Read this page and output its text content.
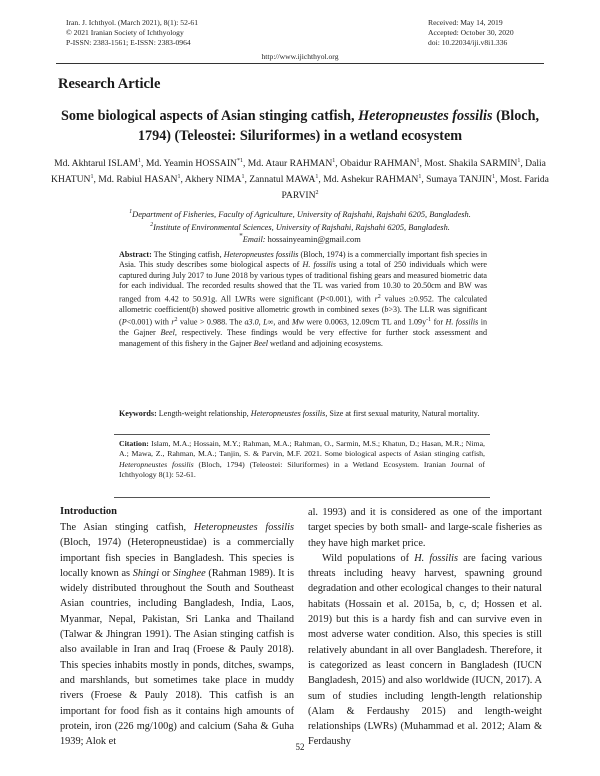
Iran. J. Ichthyol. (March 2021), 8(1): 52-61
© 2021 Iranian Society of Ichthyology
P-ISSN: 2383-1561; E-ISSN: 2383-0964
Received: May 14, 2019
Accepted: October 30, 2020
doi: 10.22034/iji.v8i1.336
http://www.ijichthyol.org
Research Article
Some biological aspects of Asian stinging catfish, Heteropneustes fossilis (Bloch, 1794) (Teleostei: Siluriformes) in a wetland ecosystem
Md. Akhtarul ISLAM$^1$, Md. Yeamin HOSSAIN$^{*1}$, Md. Ataur RAHMAN$^1$, Obaidur RAHMAN$^1$, Most. Shakila SARMIN$^1$, Dalia KHATUN$^1$, Md. Rabiul HASAN$^1$, Akhery NIMA$^1$, Zannatul MAWA$^1$, Md. Ashekur RAHMAN$^1$, Sumaya TANJIN$^1$, Most. Farida PARVIN$^2$
$^1$Department of Fisheries, Faculty of Agriculture, University of Rajshahi, Rajshahi 6205, Bangladesh.
$^2$Institute of Environmental Sciences, University of Rajshahi, Rajshahi 6205, Bangladesh.
*Email: hossainyeamin@gmail.com
Abstract: The Stinging catfish, Heteropneustes fossilis (Bloch, 1974) is a commercially important fish species in Asia. This study describes some biological aspects of H. fossilis using a total of 250 individuals which were captured during July 2017 to June 2018 by various types of traditional fishing gears and measured biometric data for each individual. The recorded results showed that the TL was varied from 10.30 to 20.50cm and BW was ranged from 4.42 to 50.91g. All LWRs were significant (P<0.001), with $r^2$ values ≥0.952. The calculated allometric coefficient(b) showed positive allometric growth in combined sexes (b>3). The LLR was significant (P<0.001) with $r^2$ value > 0.988. The a3.0, L∞, and Mw were 0.0063, 12.09cm TL and $1.09y^{-1}$ for H. fossilis in the Gajner Beel, respectively. These findings would be very effective for further stock assessment and management of this fishery in the Gajner Beel wetland and adjoining ecosystems.
Keywords: Length-weight relationship, Heteropneustes fossilis, Size at first sexual maturity, Natural mortality.
Citation: Islam, M.A.; Hossain, M.Y.; Rahman, M.A.; Rahman, O., Sarmin, M.S.; Khatun, D.; Hasan, M.R.; Nima, A.; Mawa, Z., Rahman, M.A.; Tanjin, S. & Parvin, M.F. 2021. Some biological aspects of Asian stinging catfish, Heteropneustes fossilis (Bloch, 1794) (Teleostei: Siluriformes) in a Wetland Ecosystem. Iranian Journal of Ichthyology 8(1): 52-61.
Introduction

The Asian stinging catfish, Heteropneustes fossilis (Bloch, 1974) (Heteropneustidae) is a commercially important fish species in Bangladesh. This species is locally known as Shingi or Singhee (Rahman 1989). It is widely distributed throughout the South and Southeast Asian countries, including Bangladesh, India, Laos, Myanmar, Nepal, Pakistan, Sri Lanka and Thailand (Talwar & Jhingran 1991). The Asian stinging catfish is also available in Iran and Iraq (Froese & Pauly 2018). This species inhabits mostly in ponds, ditches, swamps, and marshlands, but sometimes take place in muddy rivers (Froese & Pauly 2018). This catfish is an important for food fish as it contains high amounts of protein, iron (226 mg/100g) and calcium (Saha & Guha 1939; Alok et

al. 1993) and it is considered as one of the important target species by both small- and large-scale fisheries as they have high market price.

Wild populations of H. fossilis are facing various threats including heavy harvest, spawning ground degradation and other ecological changes to their natural habitats (Hossain et al. 2015a, b, c, d; Hossen et al. 2019) but this is a hardy fish and can survive even in most adverse water condition. Also, this species is still relatively abundant in all over Bangladesh. Therefore, it is categorized as least concern in Bangladesh (IUCN Bangladesh, 2015) and also worldwide (IUCN, 2017). A sum of studies including length-length relationship (Alam & Ferdaushy 2015) and length-weight relationships (LWRs) (Muhammad et al. 2012; Alam & Ferdaushy

52
